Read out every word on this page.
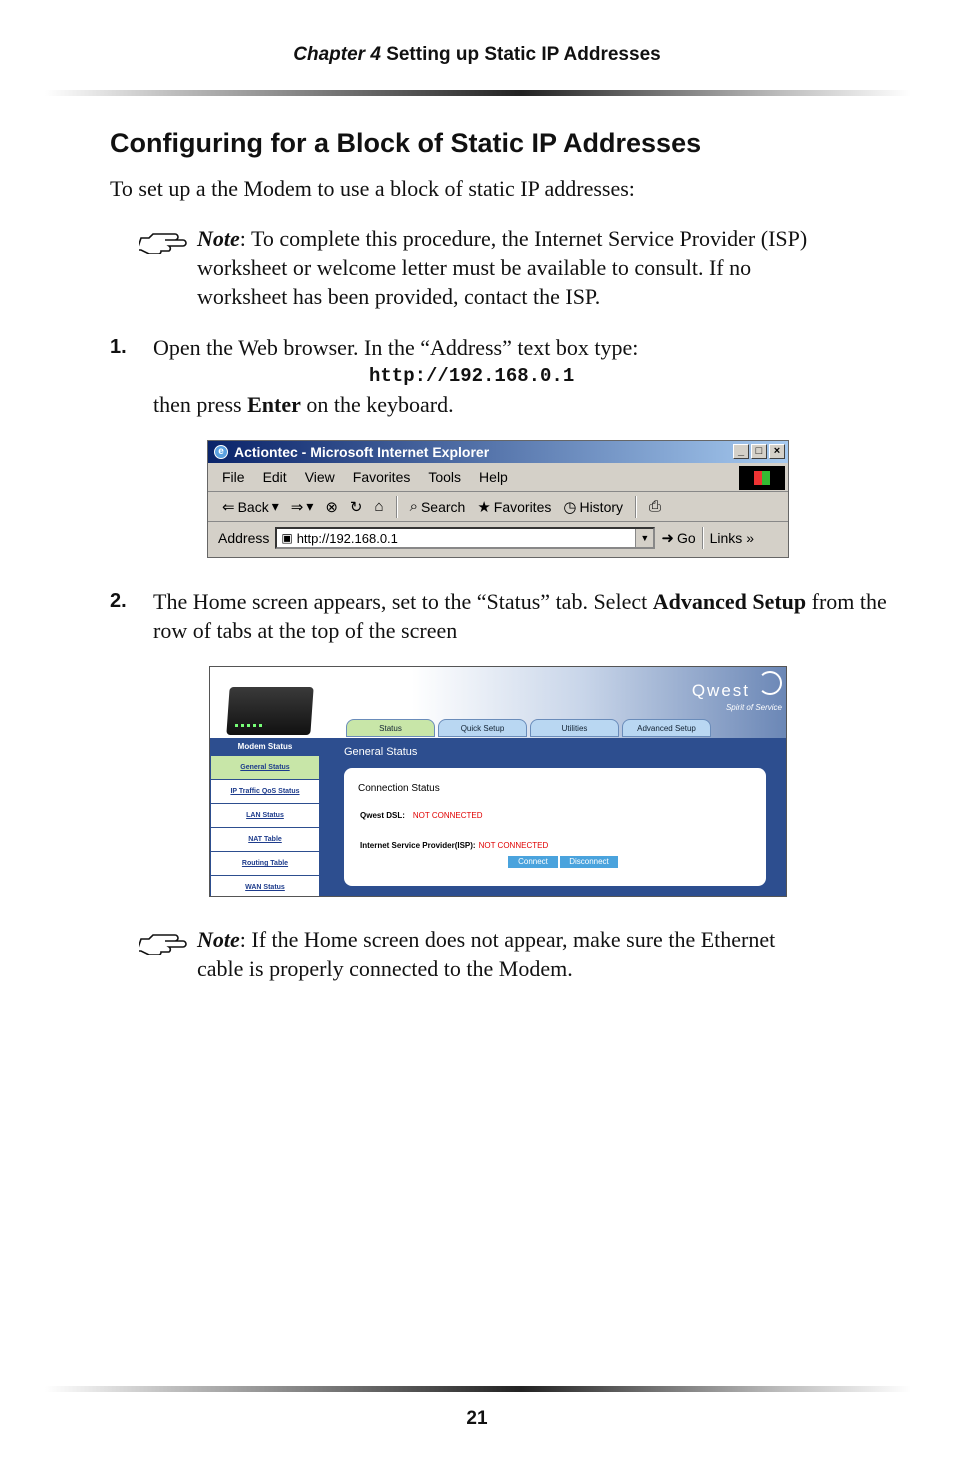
Chapter 4 Setting up Static IP Addresses
Configuring for a Block of Static IP Addresses
To set up a the Modem to use a block of static IP addresses:
Note: To complete this procedure, the Internet Service Provider (ISP) worksheet or welcome letter must be available to consult. If no worksheet has been provided, contact the ISP.
1. Open the Web browser. In the “Address” text box type:
http://192.168.0.1
then press Enter on the keyboard.
e Actiontec - Microsoft Internet Explorer	_	□	×
File Edit View Favorites Tools Help
⇐ Back ▾ ⇒ ▾ ⊗ ↻ ⌂ ⌕ Search ★ Favorites ◷ History ⎙
Address ▣ http://192.168.0.1	▼ ➜ Go Links »
2. The Home screen appears, set to the “Status” tab. Select Advanced Setup from the row of tabs at the top of the screen
Qwest
Spirit of Service
Status	Quick Setup	Utilities	Advanced Setup
Modem Status
General Status
IP Traffic QoS Status
LAN Status
NAT Table
Routing Table
WAN Status
General Status
Connection Status
Qwest DSL: NOT CONNECTED
Internet Service Provider(ISP): NOT CONNECTED
Connect	Disconnect
Note: If the Home screen does not appear, make sure the Ethernet cable is properly connected to the Modem.
21
